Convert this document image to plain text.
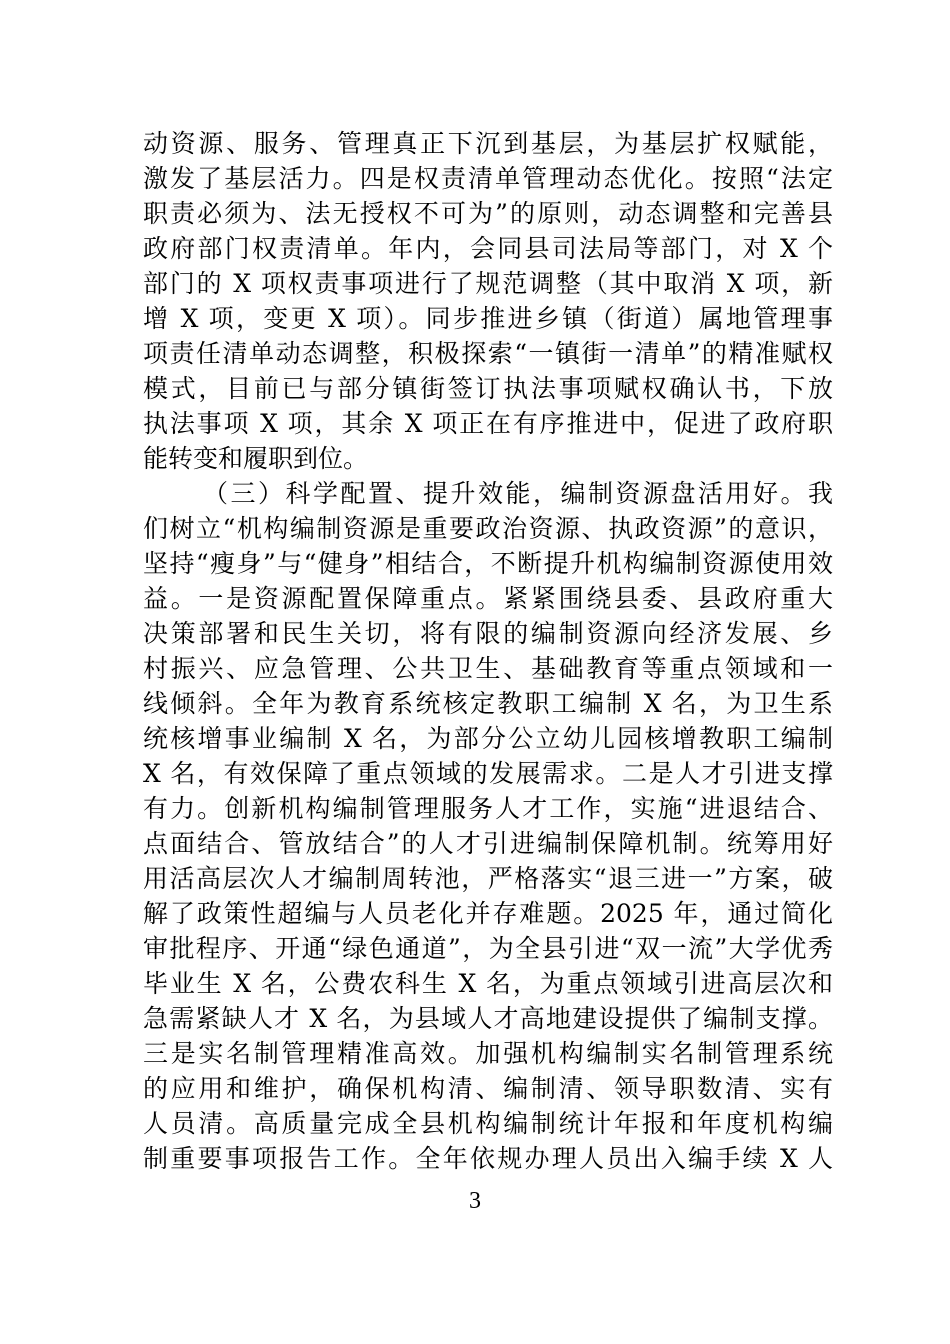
动资源、服务、管理真正下沉到基层，为基层扩权赋能，
激发了基层活力。四是权责清单管理动态优化。按照“法定
职责必须为、法无授权不可为”的原则，动态调整和完善县
政府部门权责清单。年内，会同县司法局等部门，对 X 个
部门的 X 项权责事项进行了规范调整（其中取消 X 项，新
增 X 项，变更 X 项）。同步推进乡镇（街道）属地管理事
项责任清单动态调整，积极探索“一镇街一清单”的精准赋权
模式，目前已与部分镇街签订执法事项赋权确认书，下放
执法事项 X 项，其余 X 项正在有序推进中，促进了政府职
能转变和履职到位。
（三）科学配置、提升效能，编制资源盘活用好。我
们树立“机构编制资源是重要政治资源、执政资源”的意识，
坚持“瘦身”与“健身”相结合，不断提升机构编制资源使用效
益。一是资源配置保障重点。紧紧围绕县委、县政府重大
决策部署和民生关切，将有限的编制资源向经济发展、乡
村振兴、应急管理、公共卫生、基础教育等重点领域和一
线倾斜。全年为教育系统核定教职工编制 X 名，为卫生系
统核增事业编制 X 名，为部分公立幼儿园核增教职工编制
X 名，有效保障了重点领域的发展需求。二是人才引进支撑
有力。创新机构编制管理服务人才工作，实施“进退结合、
点面结合、管放结合”的人才引进编制保障机制。统筹用好
用活高层次人才编制周转池，严格落实“退三进一”方案，破
解了政策性超编与人员老化并存难题。2025 年，通过简化
审批程序、开通“绿色通道”，为全县引进“双一流”大学优秀
毕业生 X 名，公费农科生 X 名，为重点领域引进高层次和
急需紧缺人才 X 名，为县域人才高地建设提供了编制支撑。
三是实名制管理精准高效。加强机构编制实名制管理系统
的应用和维护，确保机构清、编制清、领导职数清、实有
人员清。高质量完成全县机构编制统计年报和年度机构编
制重要事项报告工作。全年依规办理人员出入编手续 X 人
3
